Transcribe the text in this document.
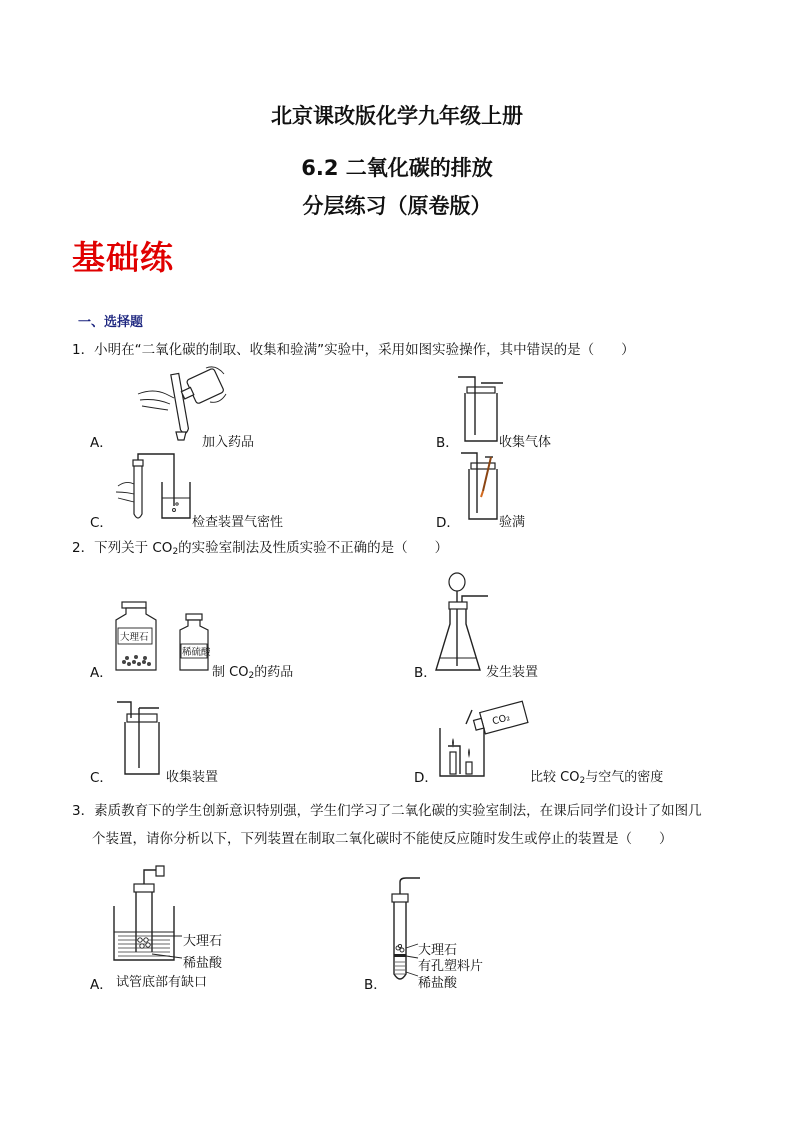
北京课改版化学九年级上册
6.2 二氧化碳的排放
分层练习（原卷版）
基础练
一、选择题
1．小明在“二氧化碳的制取、收集和验满”实验中，采用如图实验操作，其中错误的是（　　）
A．	加入药品	B．	收集气体
C．	检查装置气密性	D．	验满
2．下列关于 $CO_2$的实验室制法及性质实验不正确的是（　　）
A．	制 $CO_2$的药品
大理石
稀硫酸
B．	发生装置
C．	收集装置	D．	比较 $CO_2$与空气的密度
CO₂
3．素质教育下的学生创新意识特别强，学生们学习了二氧化碳的实验室制法，在课后同学们设计了如图几
个装置，请你分析以下，下列装置在制取二氧化碳时不能使反应随时发生或停止的装置是（　　）
大理石
稀盐酸
A． 试管底部有缺口
大理石
有孔塑料片
稀盐酸
B．
